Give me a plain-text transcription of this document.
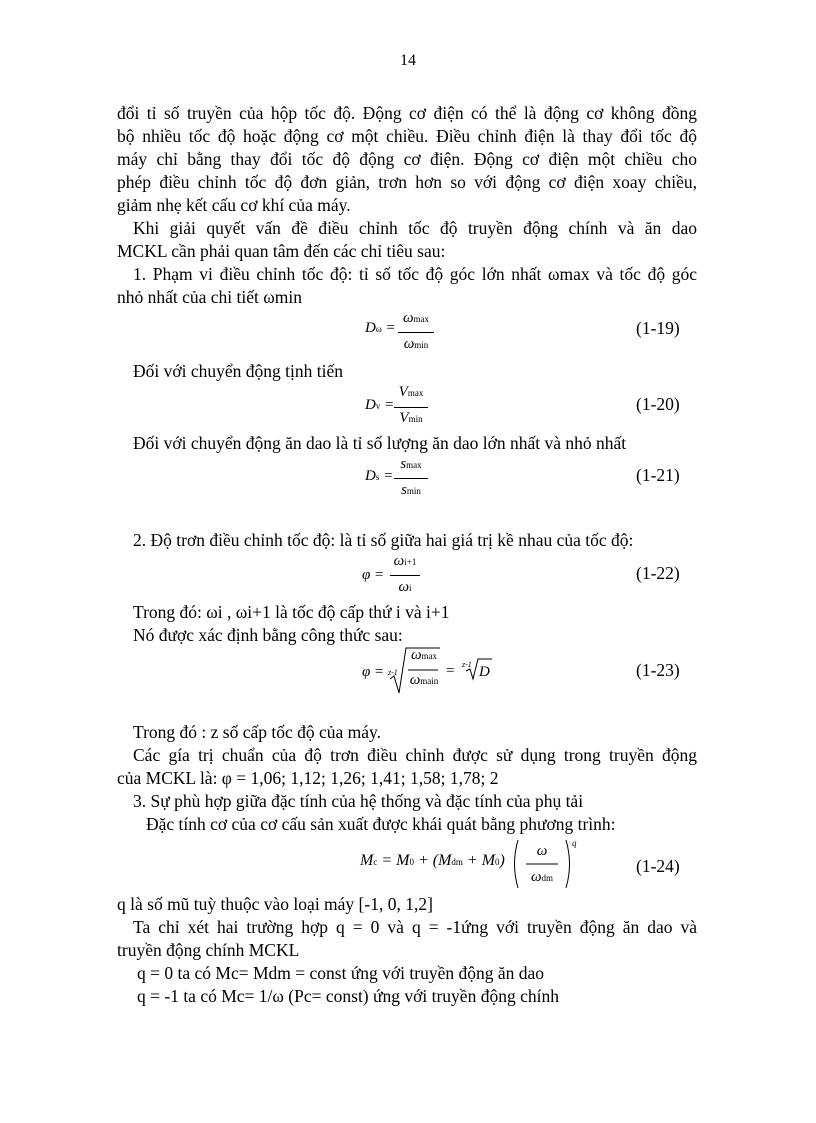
14
đổi tỉ số truyền của hộp tốc độ. Động cơ điện có thể là động cơ không đồng
bộ nhiều tốc độ hoặc động cơ một chiều. Điều chỉnh điện là thay đổi tốc độ
máy chỉ bằng thay đổi tốc độ động cơ điện. Động cơ điện một chiều cho
phép điều chỉnh tốc độ đơn giản, trơn hơn so với động cơ điện xoay chiều,
giảm nhẹ kết cấu cơ khí của máy.
Khi giải quyết vấn đề điều chỉnh tốc độ truyền động chính và ăn dao
MCKL cần phải quan tâm đến các chỉ tiêu sau:
1. Phạm vi điều chỉnh tốc độ: tỉ số tốc độ góc lớn nhất ωmax và tốc độ góc
nhỏ nhất của chi tiết ωmin
Dω =
ωmax
ωmin
(1-19)
Đối với chuyển động tịnh tiến
Dv =
Vmax
Vmin
(1-20)
Đối với chuyển động ăn dao là tỉ số lượng ăn dao lớn nhất và nhỏ nhất
Ds =
smax
smin
(1-21)
2. Độ trơn điều chỉnh tốc độ: là tỉ số giữa hai giá trị kề nhau của tốc độ:
φ =
ωi+1
ωi
(1-22)
Trong đó: ωi , ωi+1 là tốc độ cấp thứ i và i+1
Nó được xác định bằng công thức sau:
φ = z-1	= z-1 D
ωmax
ωmain
(1-23)
Trong đó : z số cấp tốc độ của máy.
Các gía trị chuẩn của độ trơn điều chỉnh được sử dụng trong truyền động
của MCKL là: φ = 1,06; 1,12; 1,26; 1,41; 1,58; 1,78; 2
3. Sự phù hợp giữa đặc tính của hệ thống và đặc tính của phụ tải
Đặc tính cơ của cơ cấu sản xuất được khái quát bằng phương trình:
Mc = M0 + (Mdm + M0)
q
ω
ωdm
(1-24)
q là số mũ tuỳ thuộc vào loại máy [-1, 0, 1,2]
Ta chỉ xét hai trường hợp q = 0 và q = -1ứng với truyền động ăn dao và
truyền động chính MCKL
q = 0 ta có Mc= Mdm = const ứng với truyền động ăn dao
q = -1 ta có Mc= 1/ω (Pc= const) ứng với truyền động chính
